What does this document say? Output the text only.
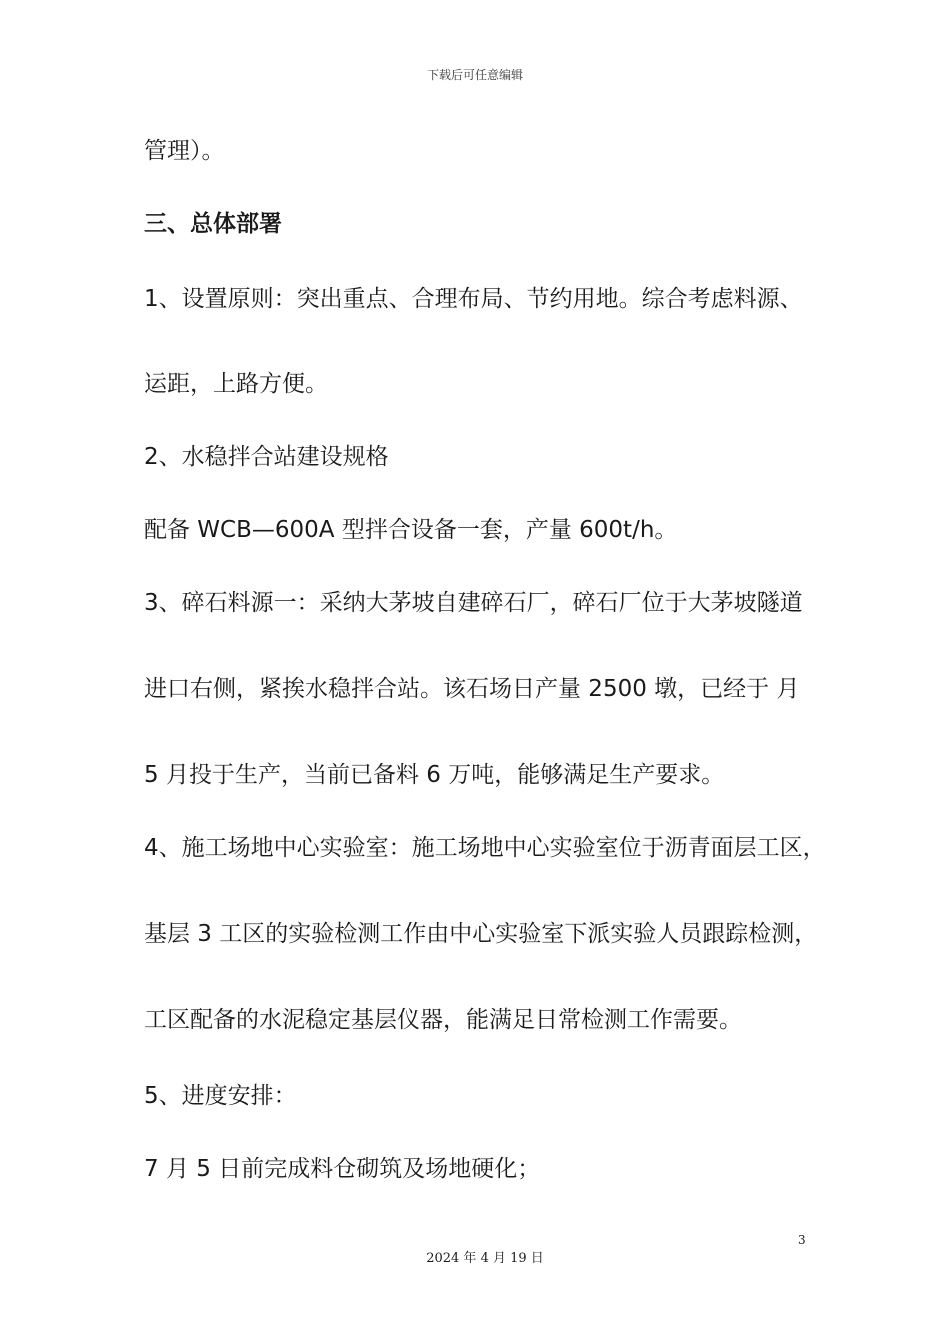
下载后可任意编辑
管理）。
三、总体部署
1、设置原则：突出重点、合理布局、节约用地。综合考虑料源、
运距，上路方便。
2、水稳拌合站建设规格
配备 WCB—600A 型拌合设备一套，产量 600t/h。
3、碎石料源一：采纳大茅坡自建碎石厂，碎石厂位于大茅坡隧道
进口右侧，紧挨水稳拌合站。该石场日产量 2500 墩，已经于 月
5 月投于生产，当前已备料 6 万吨，能够满足生产要求。
4、施工场地中心实验室：施工场地中心实验室位于沥青面层工区，
基层 3 工区的实验检测工作由中心实验室下派实验人员跟踪检测，
工区配备的水泥稳定基层仪器，能满足日常检测工作需要。
5、进度安排：
7 月 5 日前完成料仓砌筑及场地硬化；
3
2024 年 4 月 19 日
